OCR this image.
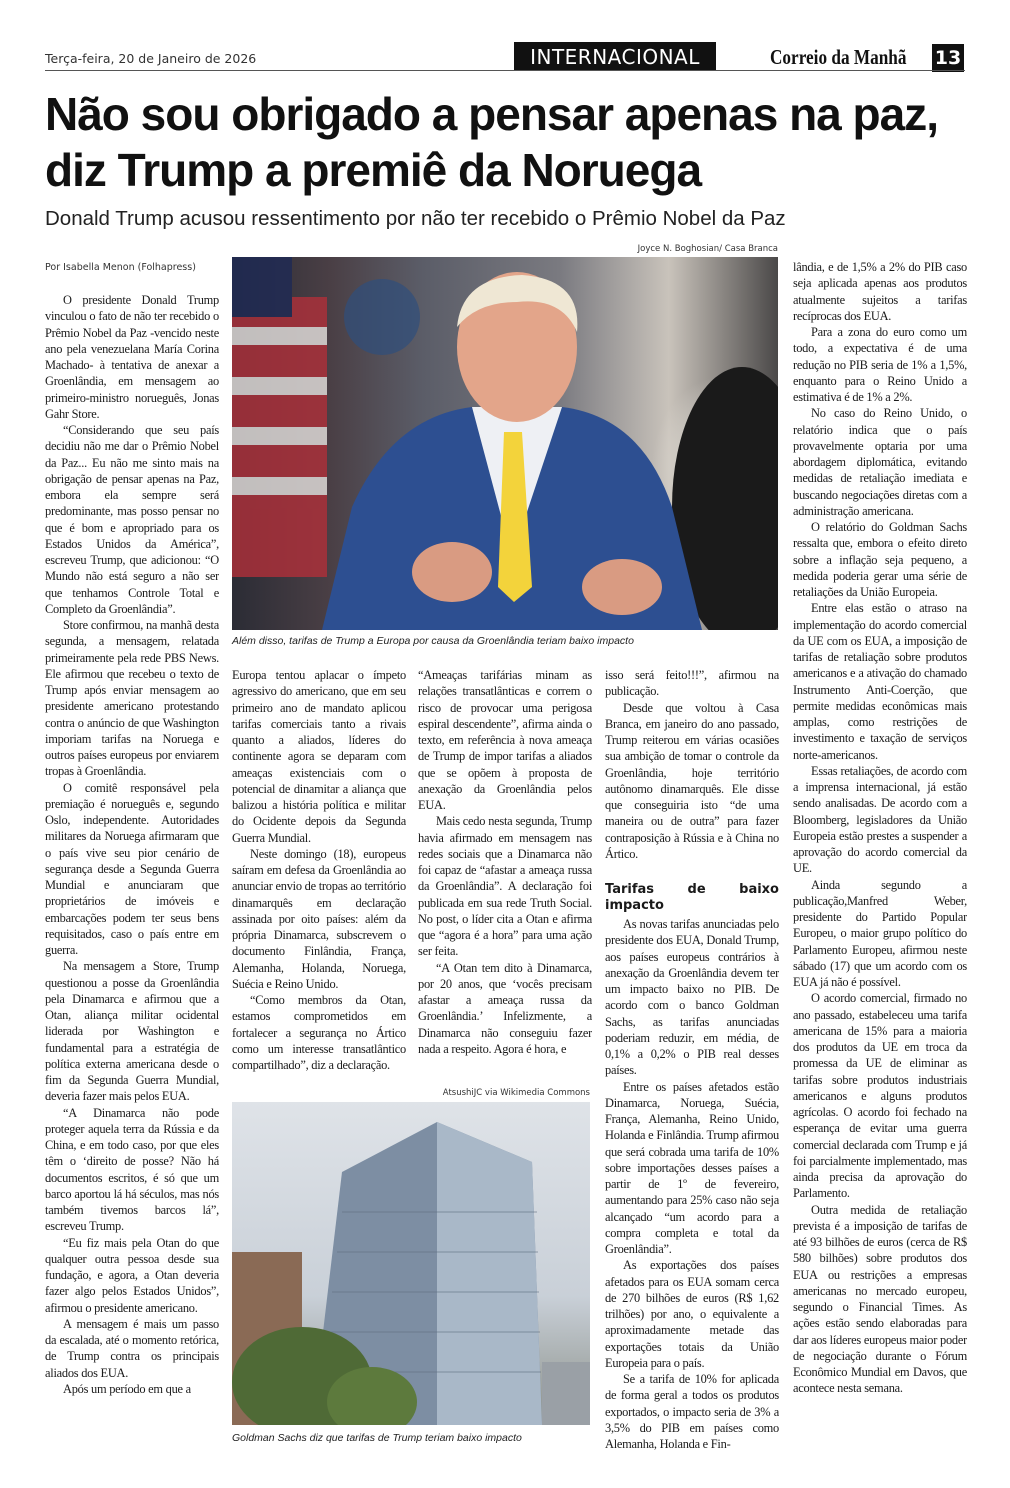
Terça-feira, 20 de Janeiro de 2026	INTERNACIONAL	Correio da Manhã 13
Não sou obrigado a pensar apenas na paz, diz Trump a premiê da Noruega
Donald Trump acusou ressentimento por não ter recebido o Prêmio Nobel da Paz
Por Isabella Menon (Folhapress)
Joyce N. Boghosian/ Casa Branca
Além disso, tarifas de Trump a Europa por causa da Groenlândia teriam baixo impacto

O presidente Donald Trump vinculou o fato de não ter recebido o Prêmio Nobel da Paz -vencido neste ano pela venezuelana María Corina Machado- à tentativa de anexar a Groenlândia, em mensagem ao primeiro-ministro norueguês, Jonas Gahr Store.

“Considerando que seu país decidiu não me dar o Prêmio Nobel da Paz... Eu não me sinto mais na obrigação de pensar apenas na Paz, embora ela sempre será predominante, mas posso pensar no que é bom e apropriado para os Estados Unidos da América”, escreveu Trump, que adicionou: “O Mundo não está seguro a não ser que tenhamos Controle Total e Completo da Groenlândia”.

Store confirmou, na manhã desta segunda, a mensagem, relatada primeiramente pela rede PBS News. Ele afirmou que recebeu o texto de Trump após enviar mensagem ao presidente americano protestando contra o anúncio de que Washington imporiam tarifas na Noruega e outros países europeus por enviarem tropas à Groenlândia.

O comitê responsável pela premiação é norueguês e, segundo Oslo, independente. Autoridades militares da Noruega afirmaram que o país vive seu pior cenário de segurança desde a Segunda Guerra Mundial e anunciaram que proprietários de imóveis e embarcações podem ter seus bens requisitados, caso o país entre em guerra.

Na mensagem a Store, Trump questionou a posse da Groenlândia pela Dinamarca e afirmou que a Otan, aliança militar ocidental liderada por Washington e fundamental para a estratégia de política externa americana desde o fim da Segunda Guerra Mundial, deveria fazer mais pelos EUA.

“A Dinamarca não pode proteger aquela terra da Rússia e da China, e em todo caso, por que eles têm o ‘direito de posse? Não há documentos escritos, é só que um barco aportou lá há séculos, mas nós também tivemos barcos lá”, escreveu Trump.

“Eu fiz mais pela Otan do que qualquer outra pessoa desde sua fundação, e agora, a Otan deveria fazer algo pelos Estados Unidos”, afirmou o presidente americano.

A mensagem é mais um passo da escalada, até o momento retórica, de Trump contra os principais aliados dos EUA.

Após um período em que a

Europa tentou aplacar o ímpeto agressivo do americano, que em seu primeiro ano de mandato aplicou tarifas comerciais tanto a rivais quanto a aliados, líderes do continente agora se deparam com ameaças existenciais com o potencial de dinamitar a aliança que balizou a história política e militar do Ocidente depois da Segunda Guerra Mundial.

Neste domingo (18), europeus saíram em defesa da Groenlândia ao anunciar envio de tropas ao território dinamarquês em declaração assinada por oito países: além da própria Dinamarca, subscrevem o documento Finlândia, França, Alemanha, Holanda, Noruega, Suécia e Reino Unido.

“Como membros da Otan, estamos comprometidos em fortalecer a segurança no Ártico como um interesse transatlântico compartilhado”, diz a declaração.

“Ameaças tarifárias minam as relações transatlânticas e correm o risco de provocar uma perigosa espiral descendente”, afirma ainda o texto, em referência à nova ameaça de Trump de impor tarifas a aliados que se opõem à proposta de anexação da Groenlândia pelos EUA.

Mais cedo nesta segunda, Trump havia afirmado em mensagem nas redes sociais que a Dinamarca não foi capaz de “afastar a ameaça russa da Groenlândia”. A declaração foi publicada em sua rede Truth Social. No post, o líder cita a Otan e afirma que “agora é a hora” para uma ação ser feita.

“A Otan tem dito à Dinamarca, por 20 anos, que ‘vocês precisam afastar a ameaça russa da Groenlândia.’ Infelizmente, a Dinamarca não conseguiu fazer nada a respeito. Agora é hora, e

isso será feito!!!”, afirmou na publicação.

Desde que voltou à Casa Branca, em janeiro do ano passado, Trump reiterou em várias ocasiões sua ambição de tomar o controle da Groenlândia, hoje território autônomo dinamarquês. Ele disse que conseguiria isto “de uma maneira ou de outra” para fazer contraposição à Rússia e à China no Ártico.

Tarifas de baixo impacto

As novas tarifas anunciadas pelo presidente dos EUA, Donald Trump, aos países europeus contrários à anexação da Groenlândia devem ter um impacto baixo no PIB. De acordo com o banco Goldman Sachs, as tarifas anunciadas poderiam reduzir, em média, de 0,1% a 0,2% o PIB real desses países.

Entre os países afetados estão Dinamarca, Noruega, Suécia, França, Alemanha, Reino Unido, Holanda e Finlândia. Trump afirmou que será cobrada uma tarifa de 10% sobre importações desses países a partir de 1º de fevereiro, aumentando para 25% caso não seja alcançado “um acordo para a compra completa e total da Groenlândia”.

As exportações dos países afetados para os EUA somam cerca de 270 bilhões de euros (R$ 1,62 trilhões) por ano, o equivalente a aproximadamente metade das exportações totais da União Europeia para o país.

Se a tarifa de 10% for aplicada de forma geral a todos os produtos exportados, o impacto seria de 3% a 3,5% do PIB em países como Alemanha, Holanda e Fin-

lândia, e de 1,5% a 2% do PIB caso seja aplicada apenas aos produtos atualmente sujeitos a tarifas recíprocas dos EUA.

Para a zona do euro como um todo, a expectativa é de uma redução no PIB seria de 1% a 1,5%, enquanto para o Reino Unido a estimativa é de 1% a 2%.

No caso do Reino Unido, o relatório indica que o país provavelmente optaria por uma abordagem diplomática, evitando medidas de retaliação imediata e buscando negociações diretas com a administração americana.

O relatório do Goldman Sachs ressalta que, embora o efeito direto sobre a inflação seja pequeno, a medida poderia gerar uma série de retaliações da União Europeia.

Entre elas estão o atraso na implementação do acordo comercial da UE com os EUA, a imposição de tarifas de retaliação sobre produtos americanos e a ativação do chamado Instrumento Anti-Coerção, que permite medidas econômicas mais amplas, como restrições de investimento e taxação de serviços norte-americanos.

Essas retaliações, de acordo com a imprensa internacional, já estão sendo analisadas. De acordo com a Bloomberg, legisladores da União Europeia estão prestes a suspender a aprovação do acordo comercial da UE.

Ainda segundo a publicação,Manfred Weber, presidente do Partido Popular Europeu, o maior grupo político do Parlamento Europeu, afirmou neste sábado (17) que um acordo com os EUA já não é possível.

O acordo comercial, firmado no ano passado, estabeleceu uma tarifa americana de 15% para a maioria dos produtos da UE em troca da promessa da UE de eliminar as tarifas sobre produtos industriais americanos e alguns produtos agrícolas. O acordo foi fechado na esperança de evitar uma guerra comercial declarada com Trump e já foi parcialmente implementado, mas ainda precisa da aprovação do Parlamento.

Outra medida de retaliação prevista é a imposição de tarifas de até 93 bilhões de euros (cerca de R$ 580 bilhões) sobre produtos dos EUA ou restrições a empresas americanas no mercado europeu, segundo o Financial Times. As ações estão sendo elaboradas para dar aos líderes europeus maior poder de negociação durante o Fórum Econômico Mundial em Davos, que acontece nesta semana.

AtsushiJC via Wikimedia Commons
Goldman Sachs diz que tarifas de Trump teriam baixo impacto
